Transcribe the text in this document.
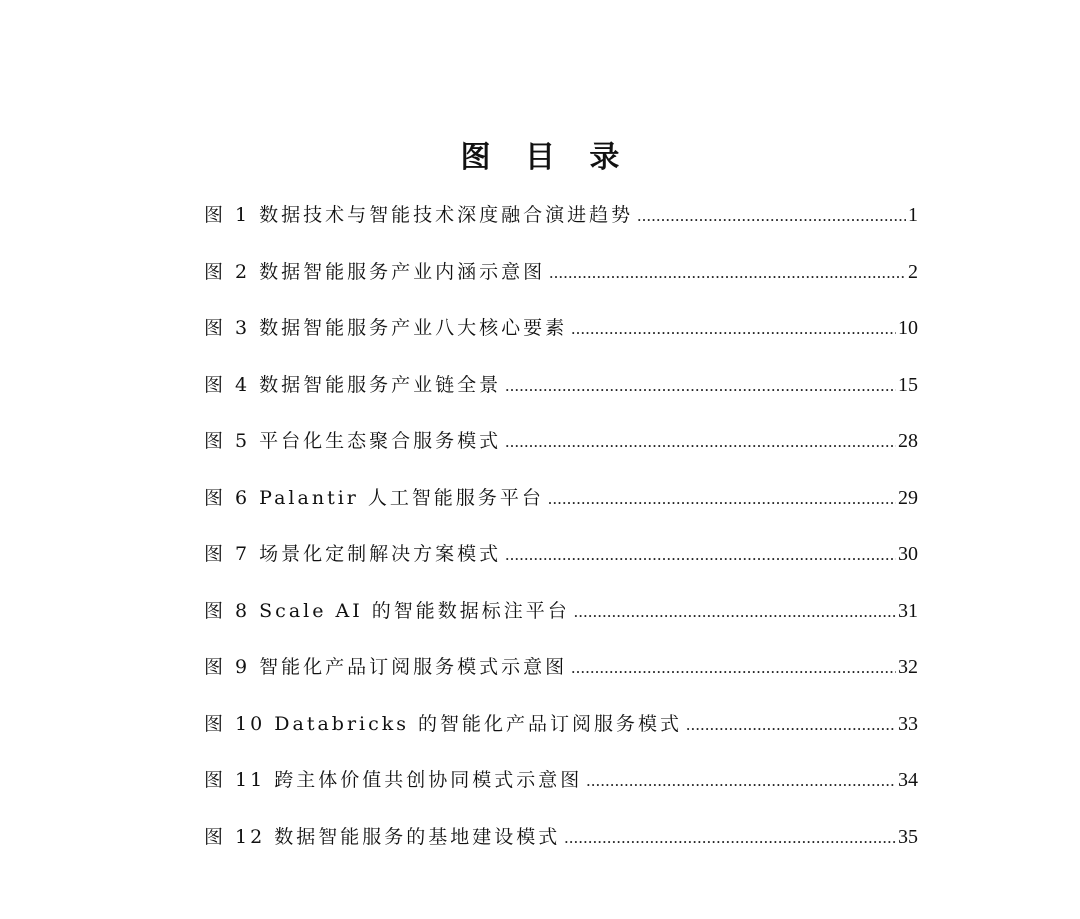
图 目 录
图 1 数据技术与智能技术深度融合演进趋势 .....	1
图 2 数据智能服务产业内涵示意图 .....	2
图 3 数据智能服务产业八大核心要素 .....	10
图 4 数据智能服务产业链全景 .....	15
图 5 平台化生态聚合服务模式 .....	28
图 6 Palantir 人工智能服务平台 .....	29
图 7 场景化定制解决方案模式 .....	30
图 8 Scale AI 的智能数据标注平台 .....	31
图 9 智能化产品订阅服务模式示意图 .....	32
图 10 Databricks 的智能化产品订阅服务模式 .....	33
图 11 跨主体价值共创协同模式示意图 .....	34
图 12 数据智能服务的基地建设模式 .....	35
